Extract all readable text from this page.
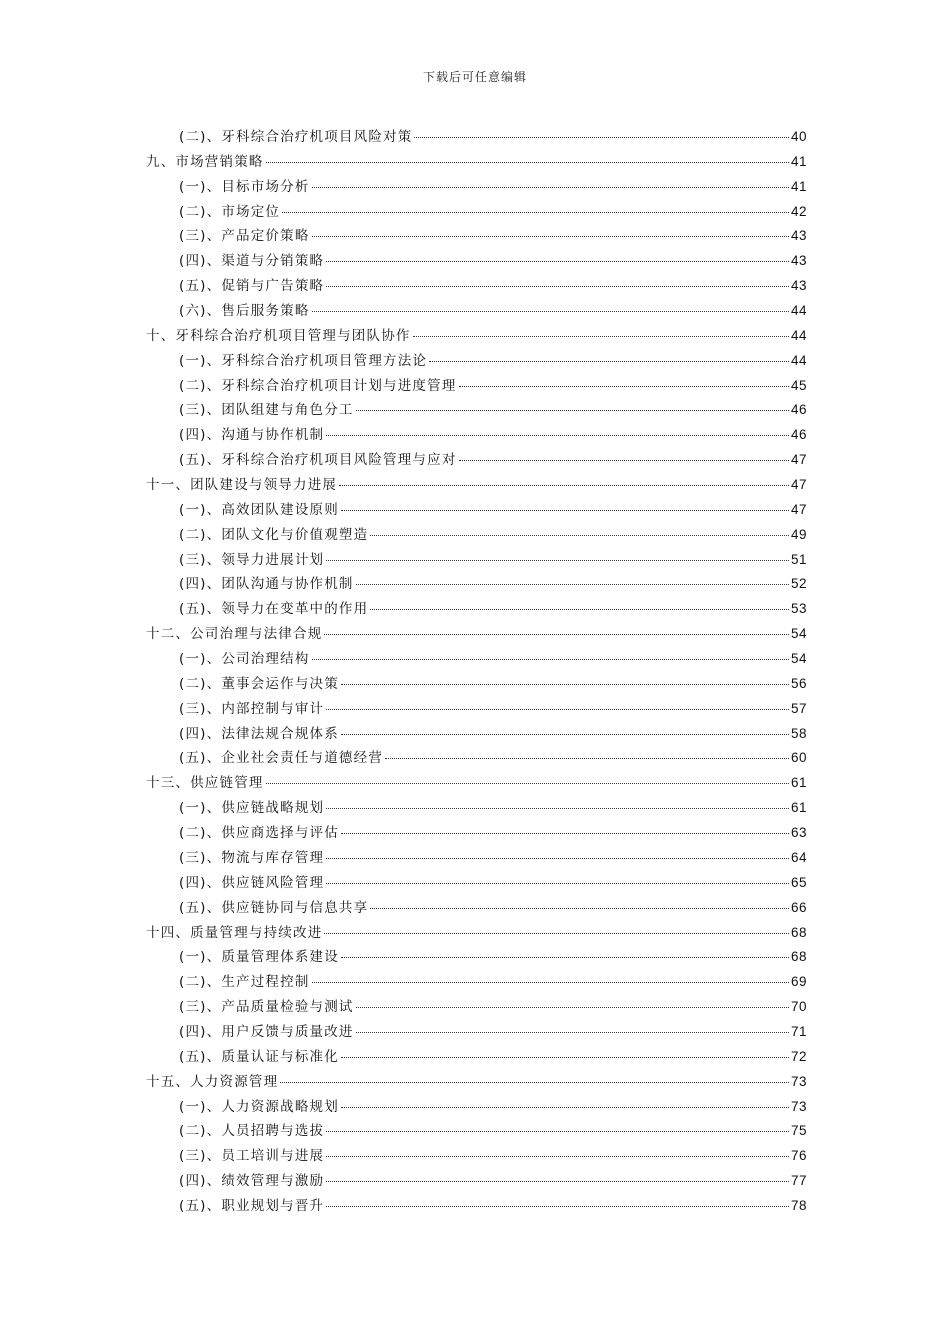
下载后可任意编辑
(二)、牙科综合治疗机项目风险对策	40
九、市场营销策略	41
(一)、目标市场分析	41
(二)、市场定位	42
(三)、产品定价策略	43
(四)、渠道与分销策略	43
(五)、促销与广告策略	43
(六)、售后服务策略	44
十、牙科综合治疗机项目管理与团队协作	44
(一)、牙科综合治疗机项目管理方法论	44
(二)、牙科综合治疗机项目计划与进度管理	45
(三)、团队组建与角色分工	46
(四)、沟通与协作机制	46
(五)、牙科综合治疗机项目风险管理与应对	47
十一、团队建设与领导力进展	47
(一)、高效团队建设原则	47
(二)、团队文化与价值观塑造	49
(三)、领导力进展计划	51
(四)、团队沟通与协作机制	52
(五)、领导力在变革中的作用	53
十二、公司治理与法律合规	54
(一)、公司治理结构	54
(二)、董事会运作与决策	56
(三)、内部控制与审计	57
(四)、法律法规合规体系	58
(五)、企业社会责任与道德经营	60
十三、供应链管理	61
(一)、供应链战略规划	61
(二)、供应商选择与评估	63
(三)、物流与库存管理	64
(四)、供应链风险管理	65
(五)、供应链协同与信息共享	66
十四、质量管理与持续改进	68
(一)、质量管理体系建设	68
(二)、生产过程控制	69
(三)、产品质量检验与测试	70
(四)、用户反馈与质量改进	71
(五)、质量认证与标准化	72
十五、人力资源管理	73
(一)、人力资源战略规划	73
(二)、人员招聘与选拔	75
(三)、员工培训与进展	76
(四)、绩效管理与激励	77
(五)、职业规划与晋升	78
